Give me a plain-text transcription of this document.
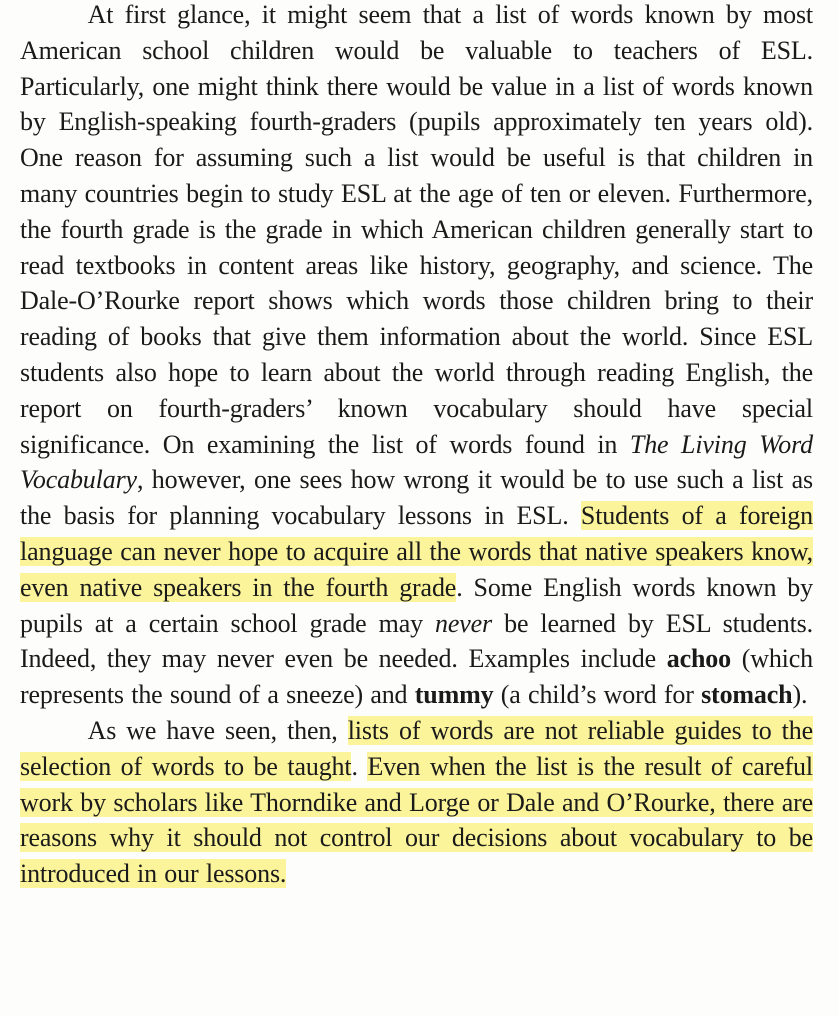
At first glance, it might seem that a list of words known by most American school children would be valuable to teachers of ESL. Particularly, one might think there would be value in a list of words known by English-speaking fourth-graders (pupils approximately ten years old). One reason for assuming such a list would be useful is that children in many countries begin to study ESL at the age of ten or eleven. Furthermore, the fourth grade is the grade in which American children generally start to read textbooks in content areas like history, geography, and science. The Dale-O’Rourke report shows which words those children bring to their reading of books that give them information about the world. Since ESL students also hope to learn about the world through reading English, the report on fourth-graders’ known vocabulary should have special significance. On examining the list of words found in The Living Word Vocabulary, however, one sees how wrong it would be to use such a list as the basis for planning vocabulary lessons in ESL. Students of a foreign language can never hope to acquire all the words that native speakers know, even native speakers in the fourth grade. Some English words known by pupils at a certain school grade may never be learned by ESL students. Indeed, they may never even be needed. Examples include achoo (which represents the sound of a sneeze) and tummy (a child’s word for stomach).

As we have seen, then, lists of words are not reliable guides to the selection of words to be taught. Even when the list is the result of careful work by scholars like Thorndike and Lorge or Dale and O’Rourke, there are reasons why it should not control our decisions about vocabulary to be introduced in our lessons.
